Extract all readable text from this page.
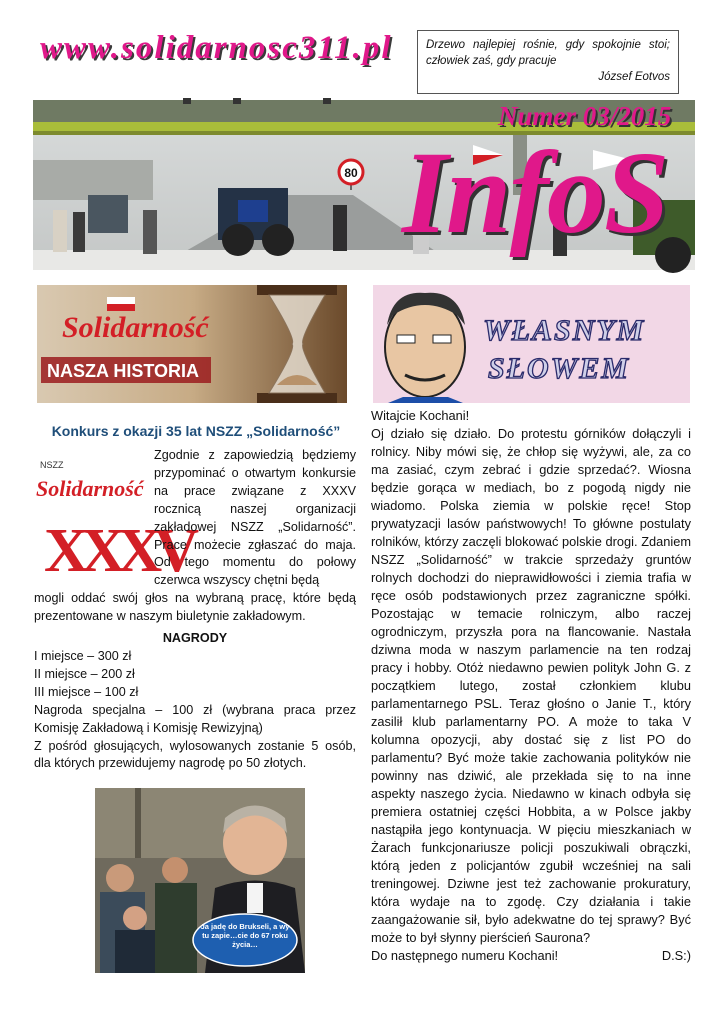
www.solidarnosc311.pl	Drzewo najlepiej rośnie, gdy spokojnie stoi; człowiek zaś, gdy pracuje
József Eotvos
80
Numer 03/2015
InfoS
Solidarność
NASZA HISTORIA
WŁASNYM
SŁOWEM
Konkurs z okazji 35 lat NSZZ „Solidarność”
NSZZ
Solidarność
XXXV
Zgodnie z zapowiedzią będziemy przypominać o otwartym konkursie na prace związane z XXXV rocznicą naszej organizacji zakładowej NSZZ „Solidarność”. Prace możecie zgłaszać do maja. Od tego momentu do połowy czerwca wszyscy chętni będą
mogli oddać swój głos na wybraną pracę, które będą prezentowane w naszym biuletynie zakładowym.
NAGRODY
I miejsce – 300 zł
II miejsce – 200 zł
III miejsce – 100 zł
Nagroda specjalna – 100 zł (wybrana praca przez Komisję Zakładową i Komisję Rewizyjną)
Z pośród głosujących, wylosowanych zostanie 5 osób, dla których przewidujemy nagrodę po 50 złotych.
Ja jadę do Brukseli, a wy tu zapie…cie do 67 roku życia…
Witajcie Kochani!
Oj działo się działo. Do protestu górników dołączyli i rolnicy. Niby mówi się, że chłop się wyżywi, ale, za co ma zasiać, czym zebrać i gdzie sprzedać?. Wiosna będzie gorąca w mediach, bo z pogodą nigdy nie wiadomo. Polska ziemia w polskie ręce! Stop prywatyzacji lasów państwowych! To główne postulaty rolników, którzy zaczęli blokować polskie drogi. Zdaniem NSZZ „Solidarność” w trakcie sprzedaży gruntów rolnych dochodzi do nieprawidłowości i ziemia trafia w ręce osób podstawionych przez zagraniczne spółki. Pozostając w temacie rolniczym, albo raczej ogrodniczym, przyszła pora na flancowanie. Nastała dziwna moda w naszym parlamencie na ten rodzaj pracy i hobby. Otóż niedawno pewien polityk John G. z początkiem lutego, został członkiem klubu parlamentarnego PSL. Teraz głośno o Janie T., który zasilił klub parlamentarny PO. A może to taka V kolumna opozycji, aby dostać się z list PO do parlamentu? Być może takie zachowania polityków nie powinny nas dziwić, ale przekłada się to na inne aspekty naszego życia. Niedawno w kinach odbyła się premiera ostatniej części Hobbita, a w Polsce jakby nastąpiła jego kontynuacja. W pięciu mieszkaniach w Żarach funkcjonariusze policji poszukiwali obrączki, którą jeden z policjantów zgubił wcześniej na sali treningowej. Dziwne jest też zachowanie prokuratury, która wydaje na to zgodę. Czy działania i takie zaangażowanie sił, było adekwatne do tej sprawy? Być może to był słynny pierścień Saurona?
Do następnego numeru Kochani!	D.S:)
